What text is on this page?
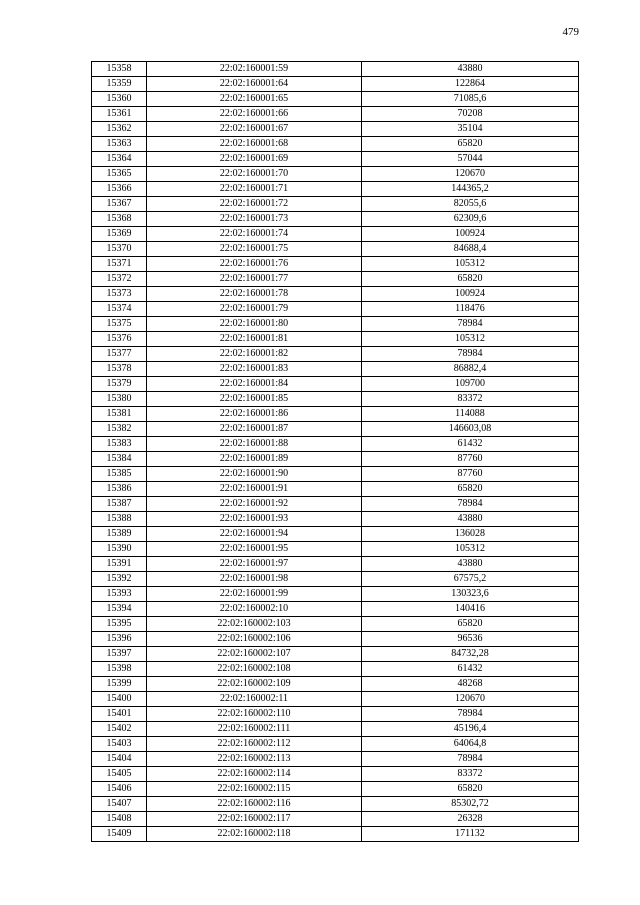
479
15358	22:02:160001:59	43880
15359	22:02:160001:64	122864
15360	22:02:160001:65	71085,6
15361	22:02:160001:66	70208
15362	22:02:160001:67	35104
15363	22:02:160001:68	65820
15364	22:02:160001:69	57044
15365	22:02:160001:70	120670
15366	22:02:160001:71	144365,2
15367	22:02:160001:72	82055,6
15368	22:02:160001:73	62309,6
15369	22:02:160001:74	100924
15370	22:02:160001:75	84688,4
15371	22:02:160001:76	105312
15372	22:02:160001:77	65820
15373	22:02:160001:78	100924
15374	22:02:160001:79	118476
15375	22:02:160001:80	78984
15376	22:02:160001:81	105312
15377	22:02:160001:82	78984
15378	22:02:160001:83	86882,4
15379	22:02:160001:84	109700
15380	22:02:160001:85	83372
15381	22:02:160001:86	114088
15382	22:02:160001:87	146603,08
15383	22:02:160001:88	61432
15384	22:02:160001:89	87760
15385	22:02:160001:90	87760
15386	22:02:160001:91	65820
15387	22:02:160001:92	78984
15388	22:02:160001:93	43880
15389	22:02:160001:94	136028
15390	22:02:160001:95	105312
15391	22:02:160001:97	43880
15392	22:02:160001:98	67575,2
15393	22:02:160001:99	130323,6
15394	22:02:160002:10	140416
15395	22:02:160002:103	65820
15396	22:02:160002:106	96536
15397	22:02:160002:107	84732,28
15398	22:02:160002:108	61432
15399	22:02:160002:109	48268
15400	22:02:160002:11	120670
15401	22:02:160002:110	78984
15402	22:02:160002:111	45196,4
15403	22:02:160002:112	64064,8
15404	22:02:160002:113	78984
15405	22:02:160002:114	83372
15406	22:02:160002:115	65820
15407	22:02:160002:116	85302,72
15408	22:02:160002:117	26328
15409	22:02:160002:118	171132
